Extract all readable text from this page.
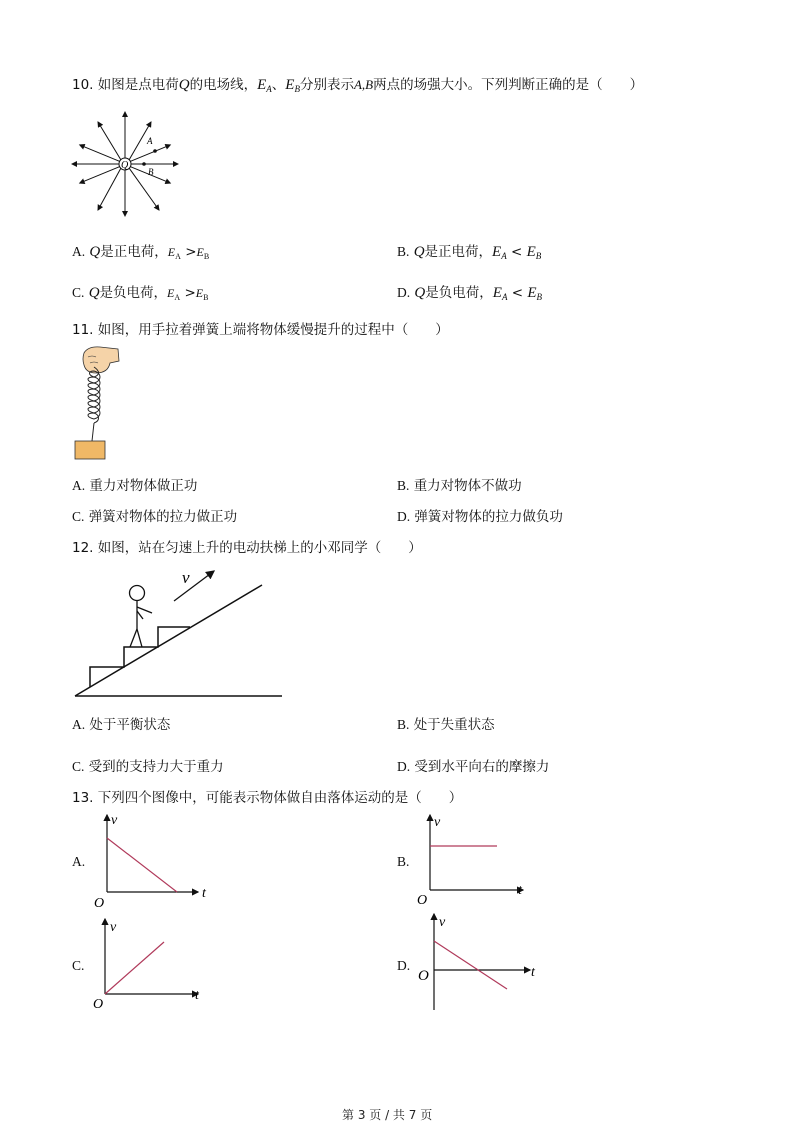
10. 如图是点电荷Q的电场线，$E_A$、$E_B$分别表示A,B两点的场强大小。下列判断正确的是（　　）
Q
A
B
A. Q是正电荷，$E_A >E_B$	B. Q是正电荷，$E_A < E_B$
C. Q是负电荷，$E_A >E_B$	D. Q是负电荷，$E_A < E_B$
11. 如图，用手拉着弹簧上端将物体缓慢提升的过程中（　　）
A. 重力对物体做正功	B. 重力对物体不做功
C. 弹簧对物体的拉力做正功	D. 弹簧对物体的拉力做负功
12. 如图，站在匀速上升的电动扶梯上的小邓同学（　　）
v
A. 处于平衡状态	B. 处于失重状态
C. 受到的支持力大于重力	D. 受到水平向右的摩擦力
13. 下列四个图像中，可能表示物体做自由落体运动的是（　　）
A.
v
t
O
B.
v
t
O
C.
v
t
O
D.
v
t
O
第 3 页 / 共 7 页
